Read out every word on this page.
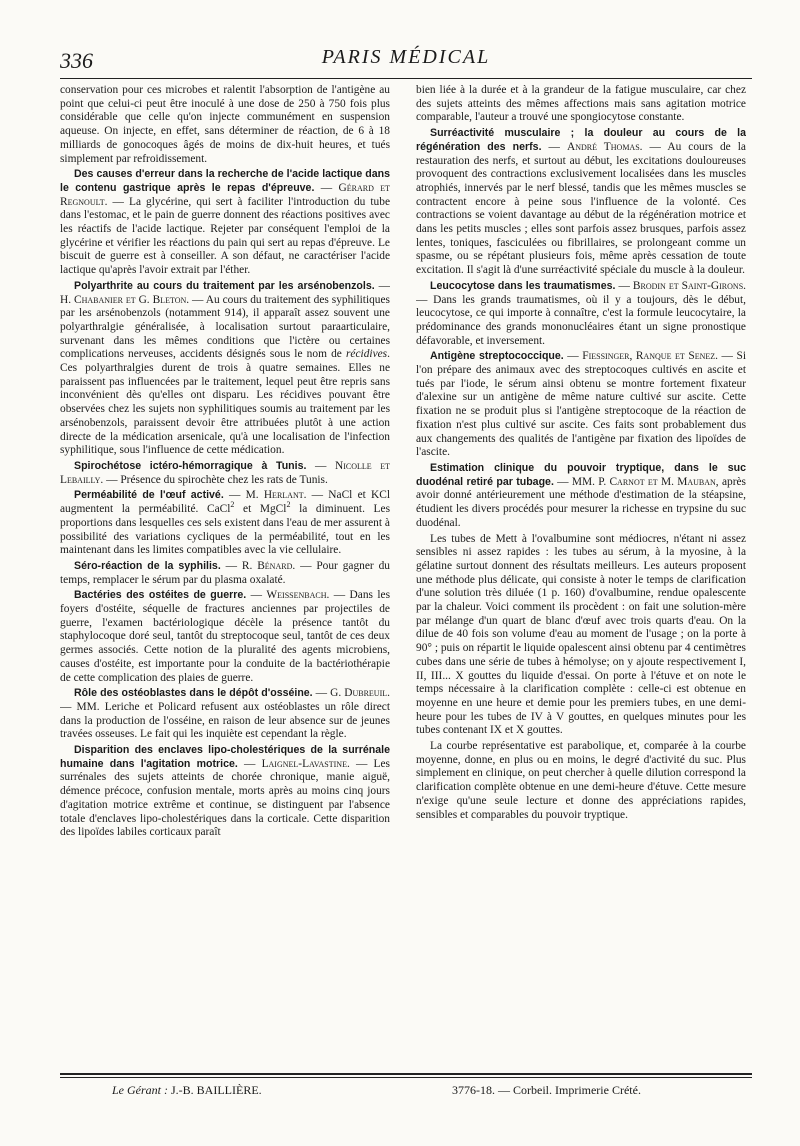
336	PARIS MÉDICAL

conservation pour ces microbes et ralentit l'absorption de l'antigène au point que celui-ci peut être inoculé à une dose de 250 à 750 fois plus considérable que celle qu'on injecte communément en suspension aqueuse. On injecte, en effet, sans déterminer de réaction, de 6 à 18 milliards de gonocoques âgés de moins de dix-huit heures, et tués simplement par refroidissement.

Des causes d'erreur dans la recherche de l'acide lactique dans le contenu gastrique après le repas d'épreuve. — Gérard et Regnoult. — La glycérine, qui sert à faciliter l'introduction du tube dans l'estomac, et le pain de guerre donnent des réactions positives avec les réactifs de l'acide lactique. Rejeter par conséquent l'emploi de la glycérine et vérifier les réactions du pain qui sert au repas d'épreuve. Le biscuit de guerre est à conseiller. A son défaut, ne caractériser l'acide lactique qu'après l'avoir extrait par l'éther.

Polyarthrite au cours du traitement par les arsénobenzols. — H. Chabanier et G. Bleton. — Au cours du traitement des syphilitiques par les arsénobenzols (notamment 914), il apparaît assez souvent une polyarthralgie généralisée, à localisation surtout paraarticulaire, survenant dans les mêmes conditions que l'ictère ou certaines complications nerveuses, accidents désignés sous le nom de récidives. Ces polyarthralgies durent de trois à quatre semaines. Elles ne paraissent pas influencées par le traitement, lequel peut être repris sans inconvénient dès qu'elles ont disparu. Les récidives pouvant être observées chez les sujets non syphilitiques soumis au traitement par les arsénobenzols, paraissent devoir être attribuées plutôt à une action directe de la médication arsenicale, qu'à une localisation de l'infection syphilitique, sous l'influence de cette médication.

Spirochétose ictéro-hémorragique à Tunis. — Nicolle et Lebailly. — Présence du spirochète chez les rats de Tunis.

Perméabilité de l'œuf activé. — M. Herlant. — NaCl et KCl augmentent la perméabilité. CaCl$^2$ et MgCl$^2$ la diminuent. Les proportions dans lesquelles ces sels existent dans l'eau de mer assurent à possibilité des variations cycliques de la perméabilité, tout en les maintenant dans les limites compatibles avec la vie cellulaire.

Séro-réaction de la syphilis. — R. Bénard. — Pour gagner du temps, remplacer le sérum par du plasma oxalaté.

Bactéries des ostéites de guerre. — Weissenbach. — Dans les foyers d'ostéite, séquelle de fractures anciennes par projectiles de guerre, l'examen bactériologique décèle la présence tantôt du staphylocoque doré seul, tantôt du streptocoque seul, tantôt de ces deux germes associés. Cette notion de la pluralité des agents microbiens, causes d'ostéite, est importante pour la conduite de la bactériothérapie de cette complication des plaies de guerre.

Rôle des ostéoblastes dans le dépôt d'osséine. — G. Dubreuil. — MM. Leriche et Policard refusent aux ostéoblastes un rôle direct dans la production de l'osséine, en raison de leur absence sur de jeunes travées osseuses. Le fait qui les inquiète est cependant la règle.

Disparition des enclaves lipo-cholestériques de la surrénale humaine dans l'agitation motrice. — Laignel-Lavastine. — Les surrénales des sujets atteints de chorée chronique, manie aiguë, démence précoce, confusion mentale, morts après au moins cinq jours d'agitation motrice extrême et continue, se distinguent par l'absence totale d'enclaves lipo-cholestériques dans la corticale. Cette disparition des lipoïdes labiles corticaux paraît

bien liée à la durée et à la grandeur de la fatigue musculaire, car chez des sujets atteints des mêmes affections mais sans agitation motrice comparable, l'auteur a trouvé une spongiocytose constante.

Surréactivité musculaire ; la douleur au cours de la régénération des nerfs. — André Thomas. — Au cours de la restauration des nerfs, et surtout au début, les excitations douloureuses provoquent des contractions exclusivement localisées dans les muscles atrophiés, innervés par le nerf blessé, tandis que les mêmes muscles se contractent encore à peine sous l'influence de la volonté. Ces contractions se voient davantage au début de la régénération motrice et dans les petits muscles ; elles sont parfois assez brusques, parfois assez lentes, toniques, fasciculées ou fibrillaires, se prolongeant comme un spasme, ou se répétant plusieurs fois, même après cessation de toute excitation. Il s'agit là d'une surréactivité spéciale du muscle à la douleur.

Leucocytose dans les traumatismes. — Brodin et Saint-Girons. — Dans les grands traumatismes, où il y a toujours, dès le début, leucocytose, ce qui importe à connaître, c'est la formule leucocytaire, la prédominance des grands mononucléaires étant un signe pronostique défavorable, et inversement.

Antigène streptococcique. — Fiessinger, Ranque et Senez. — Si l'on prépare des animaux avec des streptocoques cultivés en ascite et tués par l'iode, le sérum ainsi obtenu se montre fortement fixateur d'alexine sur un antigène de même nature cultivé sur ascite. Cette fixation ne se produit plus si l'antigène streptocoque de la réaction de fixation n'est plus cultivé sur ascite. Ces faits sont probablement dus aux changements des qualités de l'antigène par fixation des lipoïdes de l'ascite.

Estimation clinique du pouvoir tryptique, dans le suc duodénal retiré par tubage. — MM. P. Carnot et M. Mauban, après avoir donné antérieurement une méthode d'estimation de la stéapsine, étudient les divers procédés pour mesurer la richesse en trypsine du suc duodénal.

Les tubes de Mett à l'ovalbumine sont médiocres, n'étant ni assez sensibles ni assez rapides : les tubes au sérum, à la myosine, à la gélatine surtout donnent des résultats meilleurs. Les auteurs proposent une méthode plus délicate, qui consiste à noter le temps de clarification d'une solution très diluée (1 p. 160) d'ovalbumine, rendue opalescente par la chaleur. Voici comment ils procèdent : on fait une solution-mère par mélange d'un quart de blanc d'œuf avec trois quarts d'eau. On la dilue de 40 fois son volume d'eau au moment de l'usage ; on la porte à 90° ; puis on répartit le liquide opalescent ainsi obtenu par 4 centimètres cubes dans une série de tubes à hémolyse; on y ajoute respectivement I, II, III... X gouttes du liquide d'essai. On porte à l'étuve et on note le temps nécessaire à la clarification complète : celle-ci est obtenue en moyenne en une heure et demie pour les premiers tubes, en une demi-heure pour les tubes de IV à V gouttes, en quelques minutes pour les tubes contenant IX et X gouttes.

La courbe représentative est parabolique, et, comparée à la courbe moyenne, donne, en plus ou en moins, le degré d'activité du suc. Plus simplement en clinique, on peut chercher à quelle dilution correspond la clarification complète obtenue en une demi-heure d'étuve. Cette mesure n'exige qu'une seule lecture et donne des appréciations rapides, sensibles et comparables du pouvoir tryptique.

Le Gérant : J.-B. BAILLIÈRE.	3776-18. — Corbeil. Imprimerie Crété.
